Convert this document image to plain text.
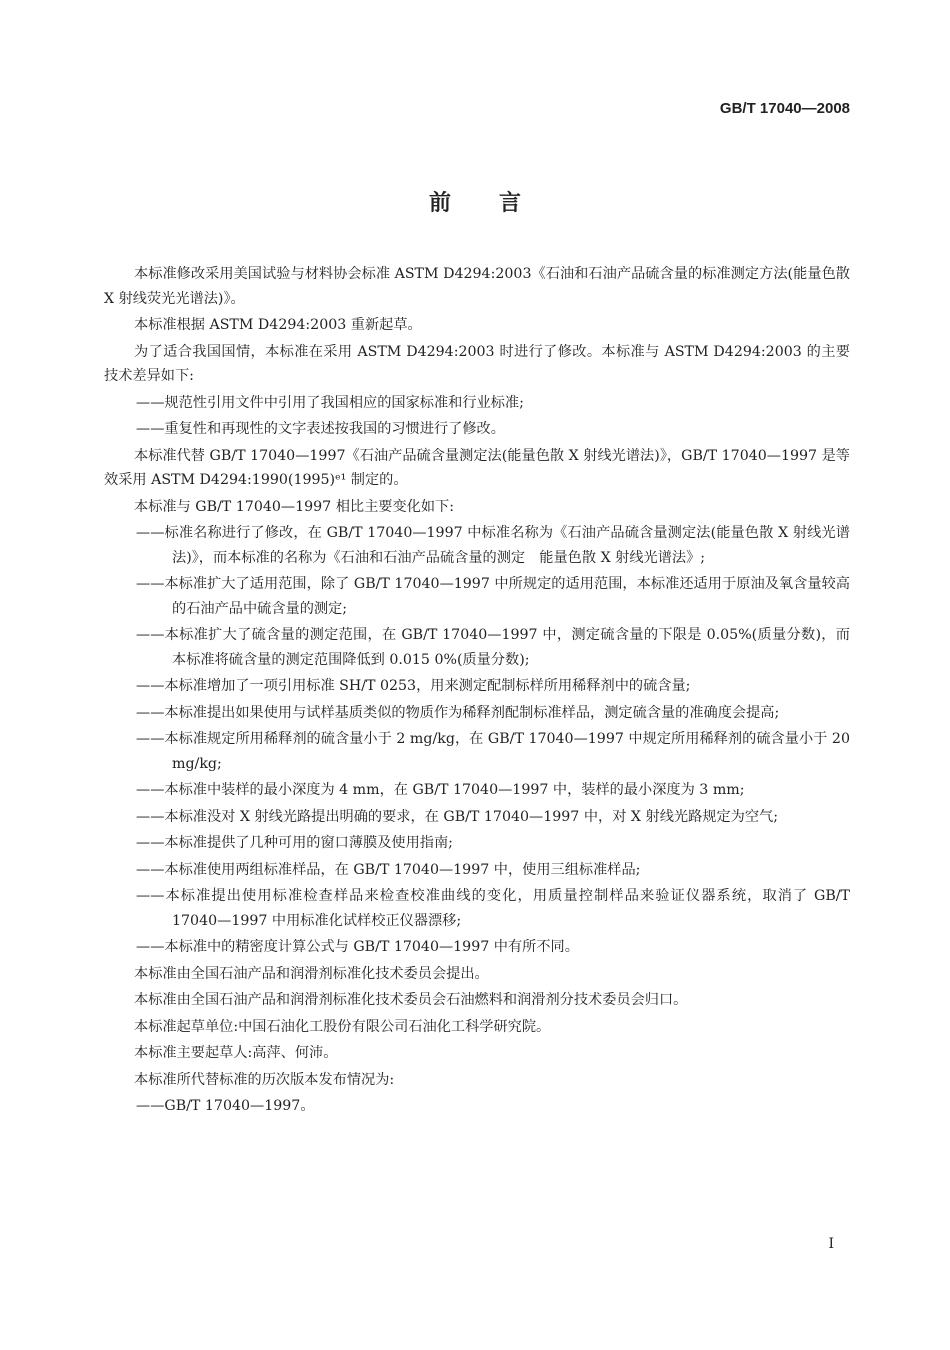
GB/T 17040—2008
前言

本标准修改采用美国试验与材料协会标准 ASTM D4294:2003《石油和石油产品硫含量的标准测定方法(能量色散 X 射线荧光光谱法)》。

本标准根据 ASTM D4294:2003 重新起草。

为了适合我国国情，本标准在采用 ASTM D4294:2003 时进行了修改。本标准与 ASTM D4294:2003 的主要技术差异如下:

——规范性引用文件中引用了我国相应的国家标准和行业标准;

——重复性和再现性的文字表述按我国的习惯进行了修改。

本标准代替 GB/T 17040—1997《石油产品硫含量测定法(能量色散 X 射线光谱法)》，GB/T 17040—1997 是等效采用 ASTM D4294:1990(1995)ᵉ¹ 制定的。

本标准与 GB/T 17040—1997 相比主要变化如下:

——标准名称进行了修改，在 GB/T 17040—1997 中标准名称为《石油产品硫含量测定法(能量色散 X 射线光谱法)》，而本标准的名称为《石油和石油产品硫含量的测定　能量色散 X 射线光谱法》;

——本标准扩大了适用范围，除了 GB/T 17040—1997 中所规定的适用范围，本标准还适用于原油及氧含量较高的石油产品中硫含量的测定;

——本标准扩大了硫含量的测定范围，在 GB/T 17040—1997 中，测定硫含量的下限是 0.05%(质量分数)，而本标准将硫含量的测定范围降低到 0.015 0%(质量分数);

——本标准增加了一项引用标准 SH/T 0253，用来测定配制标样所用稀释剂中的硫含量;

——本标准提出如果使用与试样基质类似的物质作为稀释剂配制标准样品，测定硫含量的准确度会提高;

——本标准规定所用稀释剂的硫含量小于 2 mg/kg，在 GB/T 17040—1997 中规定所用稀释剂的硫含量小于 20 mg/kg;

——本标准中装样的最小深度为 4 mm，在 GB/T 17040—1997 中，装样的最小深度为 3 mm;

——本标准没对 X 射线光路提出明确的要求，在 GB/T 17040—1997 中，对 X 射线光路规定为空气;

——本标准提供了几种可用的窗口薄膜及使用指南;

——本标准使用两组标准样品，在 GB/T 17040—1997 中，使用三组标准样品;

——本标准提出使用标准检查样品来检查校准曲线的变化，用质量控制样品来验证仪器系统，取消了 GB/T 17040—1997 中用标准化试样校正仪器漂移;

——本标准中的精密度计算公式与 GB/T 17040—1997 中有所不同。

本标准由全国石油产品和润滑剂标准化技术委员会提出。

本标准由全国石油产品和润滑剂标准化技术委员会石油燃料和润滑剂分技术委员会归口。

本标准起草单位:中国石油化工股份有限公司石油化工科学研究院。

本标准主要起草人:高萍、何沛。

本标准所代替标准的历次版本发布情况为:

——GB/T 17040—1997。

I
